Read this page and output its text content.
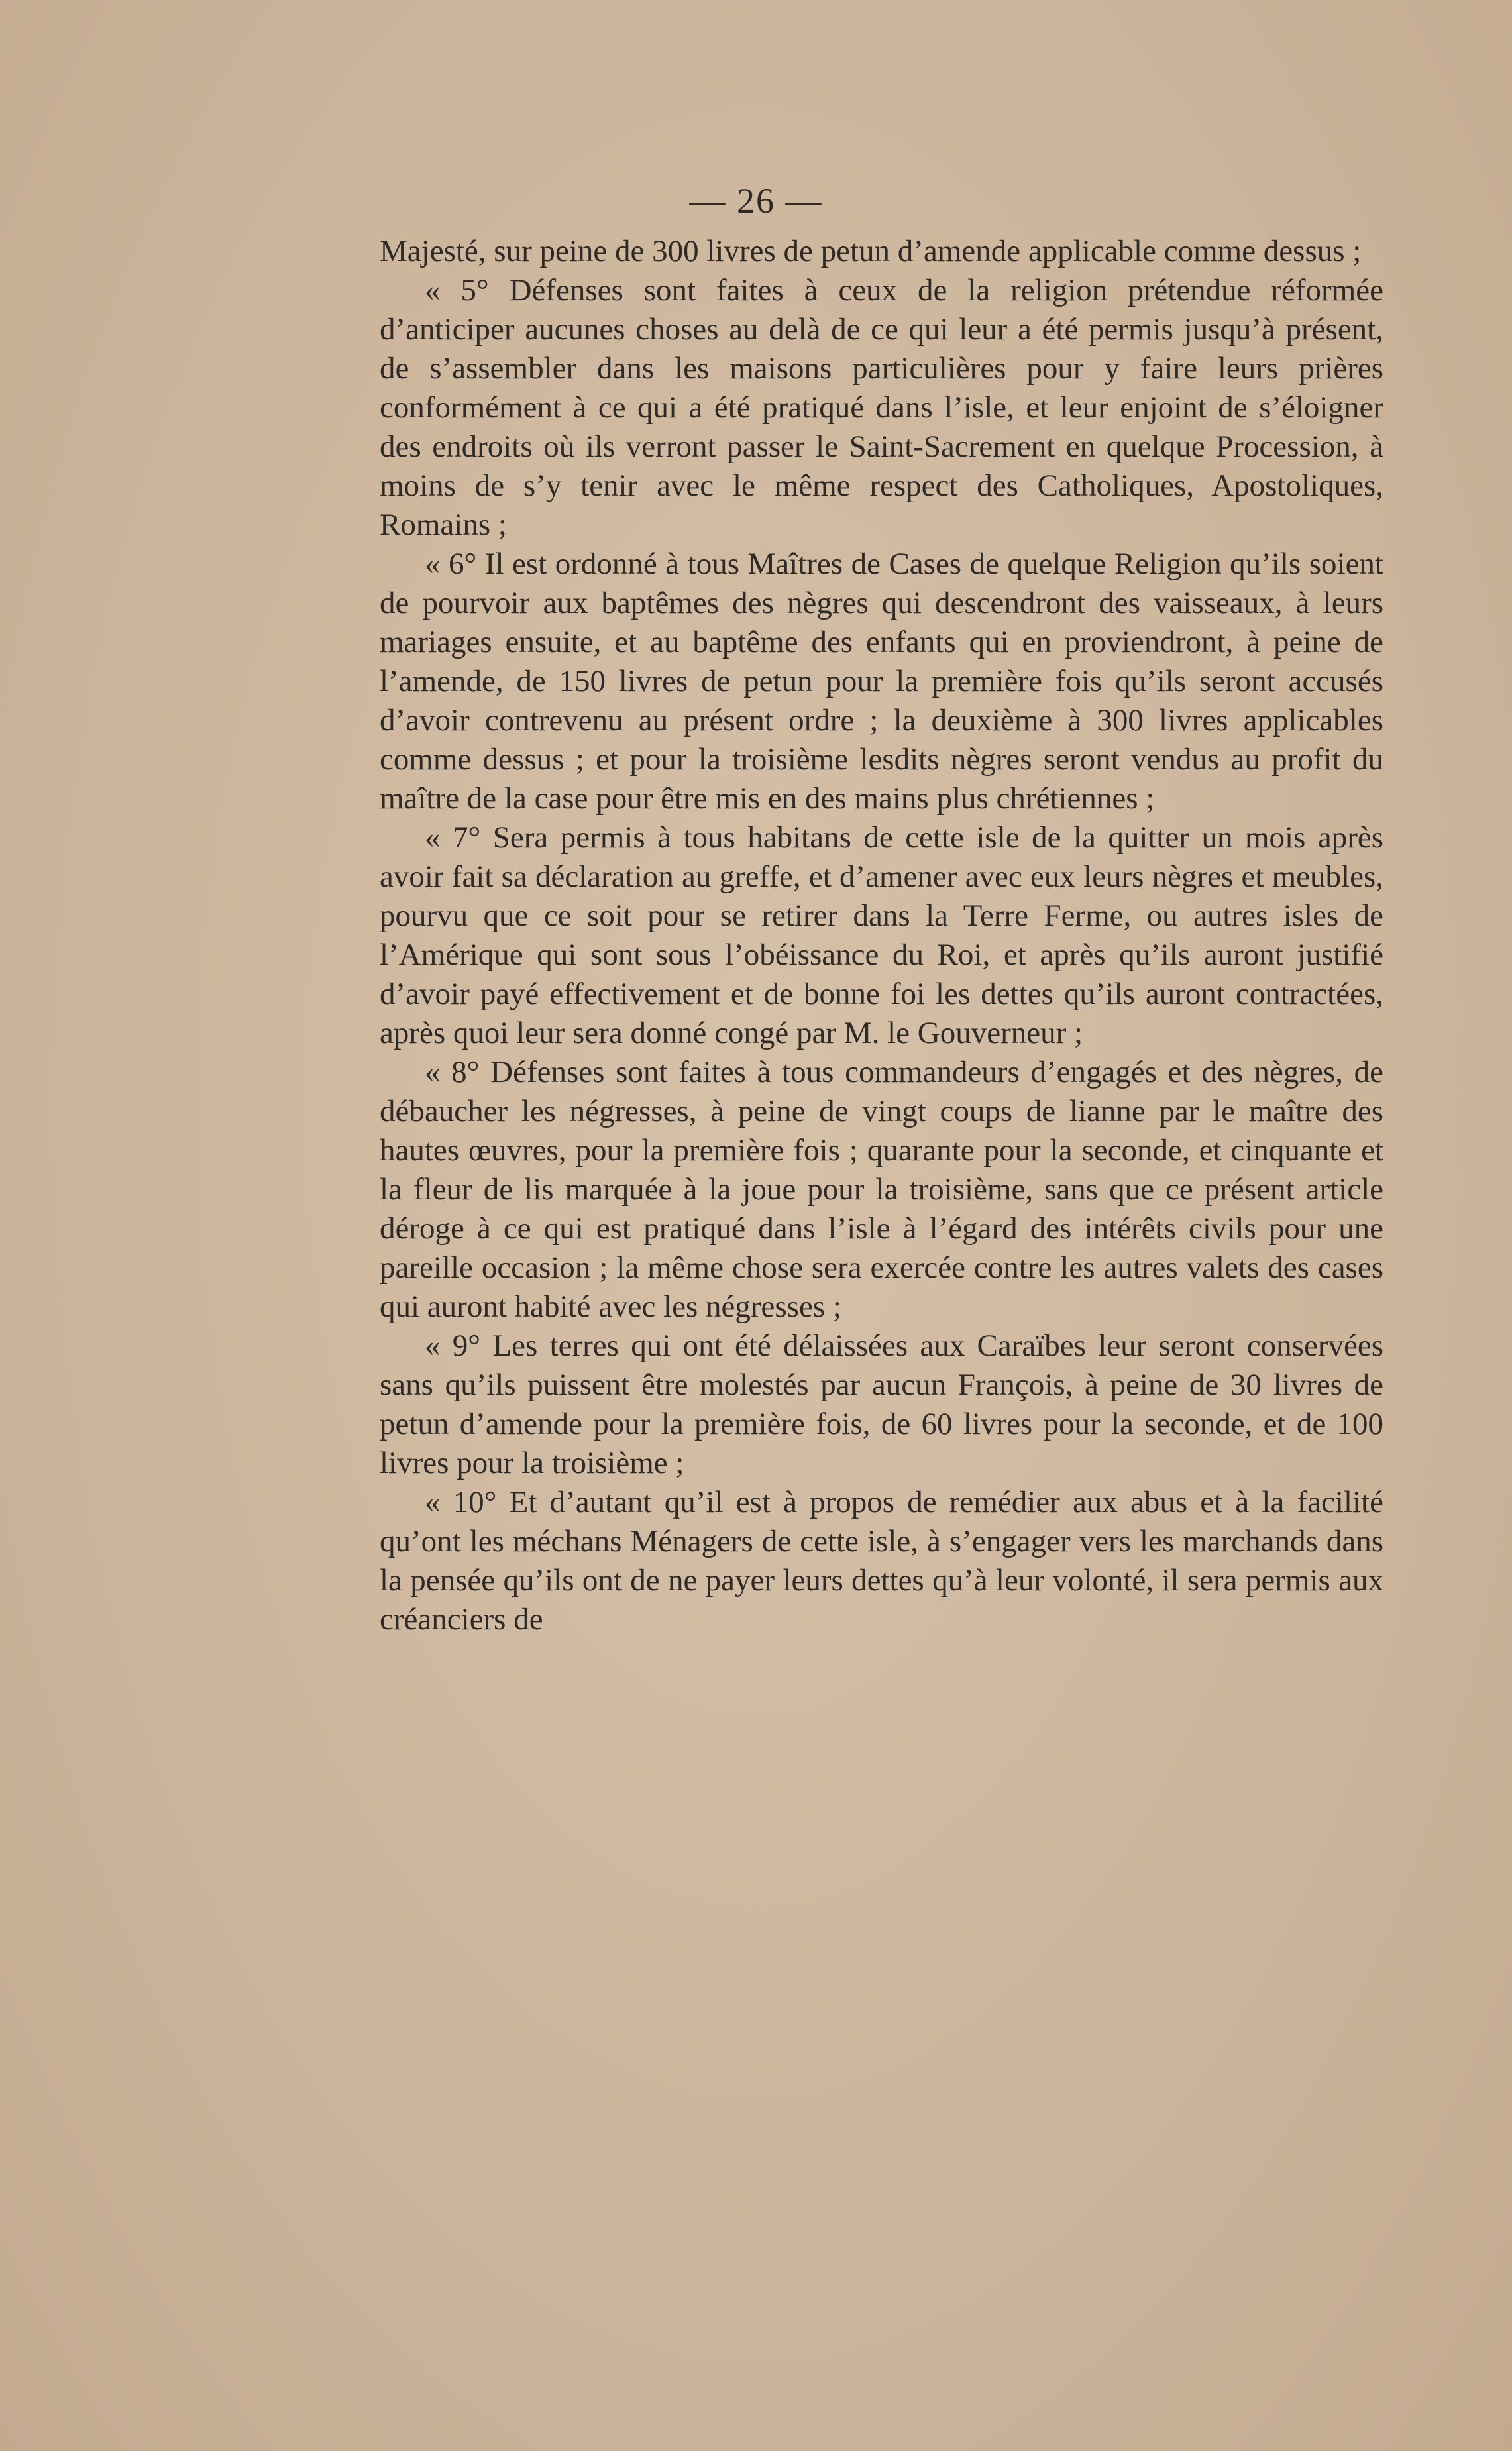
— 26 —

Majesté, sur peine de 300 livres de petun d’amende applicable comme dessus ;

« 5° Défenses sont faites à ceux de la religion prétendue réformée d’anticiper aucunes choses au delà de ce qui leur a été permis jusqu’à présent, de s’assembler dans les maisons particulières pour y faire leurs prières conformément à ce qui a été pratiqué dans l’isle, et leur enjoint de s’éloigner des endroits où ils verront passer le Saint-Sacrement en quelque Procession, à moins de s’y tenir avec le même respect des Catholiques, Apostoliques, Romains ;

« 6° Il est ordonné à tous Maîtres de Cases de quelque Religion qu’ils soient de pourvoir aux baptêmes des nègres qui descendront des vaisseaux, à leurs mariages ensuite, et au baptême des enfants qui en proviendront, à peine de l’amende, de 150 livres de petun pour la première fois qu’ils seront accusés d’avoir contrevenu au présent ordre ; la deuxième à 300 livres applicables comme dessus ; et pour la troisième lesdits nègres seront vendus au profit du maître de la case pour être mis en des mains plus chrétiennes ;

« 7° Sera permis à tous habitans de cette isle de la quitter un mois après avoir fait sa déclaration au greffe, et d’amener avec eux leurs nègres et meubles, pourvu que ce soit pour se retirer dans la Terre Ferme, ou autres isles de l’Amérique qui sont sous l’obéissance du Roi, et après qu’ils auront justifié d’avoir payé effectivement et de bonne foi les dettes qu’ils auront contractées, après quoi leur sera donné congé par M. le Gouverneur ;

« 8° Défenses sont faites à tous commandeurs d’engagés et des nègres, de débaucher les négresses, à peine de vingt coups de lianne par le maître des hautes œuvres, pour la première fois ; quarante pour la seconde, et cinquante et la fleur de lis marquée à la joue pour la troisième, sans que ce présent article déroge à ce qui est pratiqué dans l’isle à l’égard des intérêts civils pour une pareille occasion ; la même chose sera exercée contre les autres valets des cases qui auront habité avec les négresses ;

« 9° Les terres qui ont été délaissées aux Caraïbes leur seront conservées sans qu’ils puissent être molestés par aucun François, à peine de 30 livres de petun d’amende pour la première fois, de 60 livres pour la seconde, et de 100 livres pour la troisième ;

« 10° Et d’autant qu’il est à propos de remédier aux abus et à la facilité qu’ont les méchans Ménagers de cette isle, à s’engager vers les marchands dans la pensée qu’ils ont de ne payer leurs dettes qu’à leur volonté, il sera permis aux créanciers de
